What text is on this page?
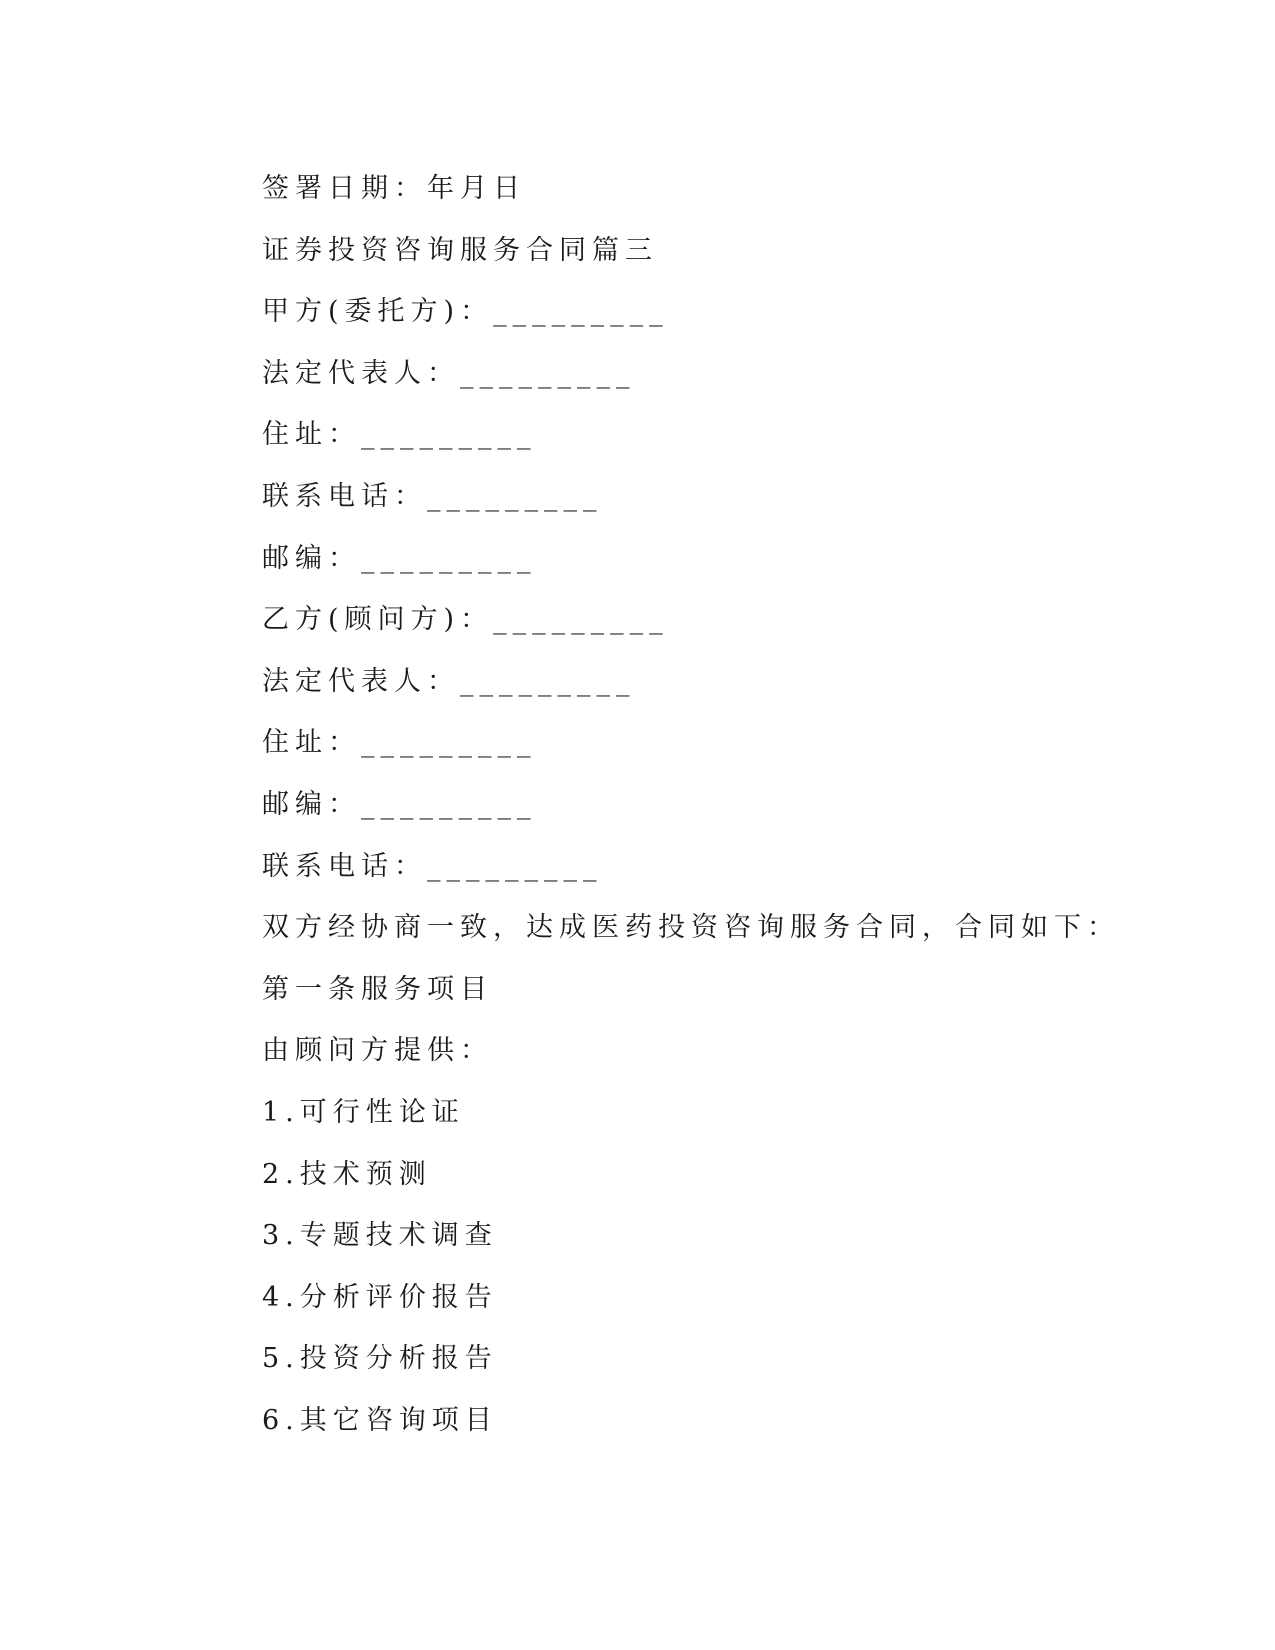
签署日期：年月日
证券投资咨询服务合同篇三
甲方(委托方)：_________
法定代表人：_________
住址：_________
联系电话：_________
邮编：_________
乙方(顾问方)：_________
法定代表人：_________
住址：_________
邮编：_________
联系电话：_________
双方经协商一致，达成医药投资咨询服务合同，合同如下：
第一条服务项目
由顾问方提供：
1.可行性论证
2.技术预测
3.专题技术调查
4.分析评价报告
5.投资分析报告
6.其它咨询项目
